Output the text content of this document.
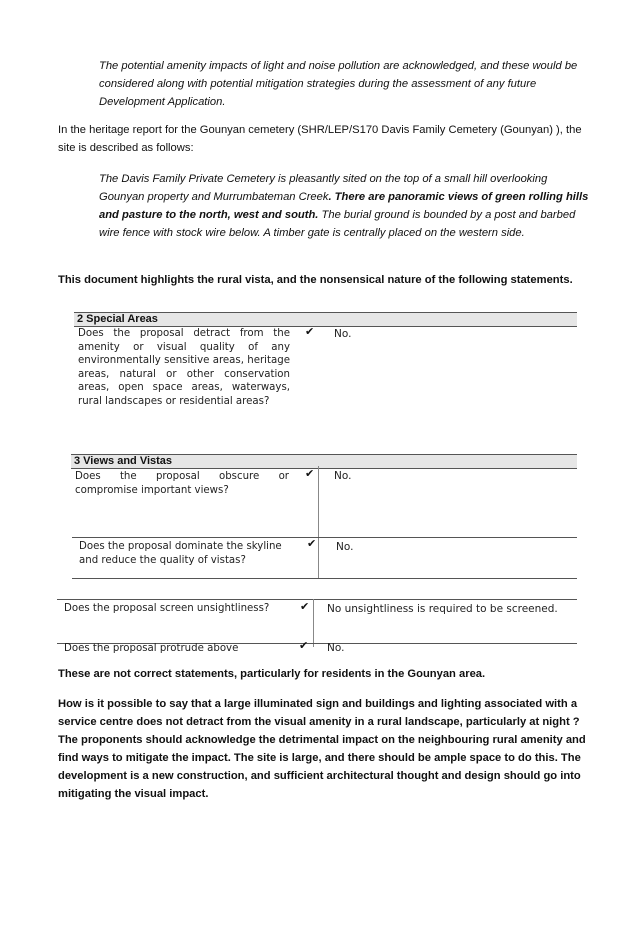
The potential amenity impacts of light and noise pollution are acknowledged, and these would be considered along with potential mitigation strategies during the assessment of any future Development Application.
In the heritage report for the Gounyan cemetery (SHR/LEP/S170 Davis Family Cemetery (Gounyan) ), the site is described as follows:
The Davis Family Private Cemetery is pleasantly sited on the top of a small hill overlooking Gounyan property and Murrumbateman Creek. There are panoramic views of green rolling hills and pasture to the north, west and south. The burial ground is bounded by a post and barbed wire fence with stock wire below. A timber gate is centrally placed on the western side.
This document highlights the rural vista, and the nonsensical nature of the following statements.
2 Special Areas
Does the proposal detract from the amenity or visual quality of any environmentally sensitive areas, heritage areas, natural or other conservation areas, open space areas, waterways, rural landscapes or residential areas?
✔ No.
3 Views and Vistas
Does the proposal obscure or compromise important views?
✔ No.
Does the proposal dominate the skyline and reduce the quality of vistas?
✔ No.
Does the proposal screen unsightliness?	✔ No unsightliness is required to be screened.
Does the proposal protrude above	✔ No.
These are not correct statements, particularly for residents in the Gounyan area.
How is it possible to say that a large illuminated sign and buildings and lighting associated with a service centre does not detract from the visual amenity in a rural landscape, particularly at night ? The proponents should acknowledge the detrimental impact on the neighbouring rural amenity and find ways to mitigate the impact. The site is large, and there should be ample space to do this. The development is a new construction, and sufficient architectural thought and design should go into mitigating the visual impact.
